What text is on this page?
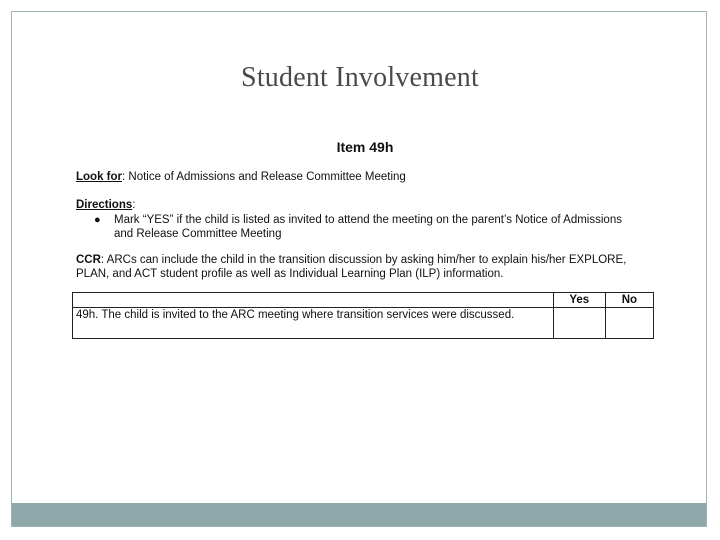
Student Involvement
Item 49h
Look for: Notice of Admissions and Release Committee Meeting
Directions:
● Mark “YES” if the child is listed as invited to attend the meeting on the parent’s Notice of Admissions and Release Committee Meeting
CCR: ARCs can include the child in the transition discussion by asking him/her to explain his/her EXPLORE, PLAN, and ACT student profile as well as Individual Learning Plan (ILP) information.
	Yes	No
49h. The child is invited to the ARC meeting where transition services were discussed.		
